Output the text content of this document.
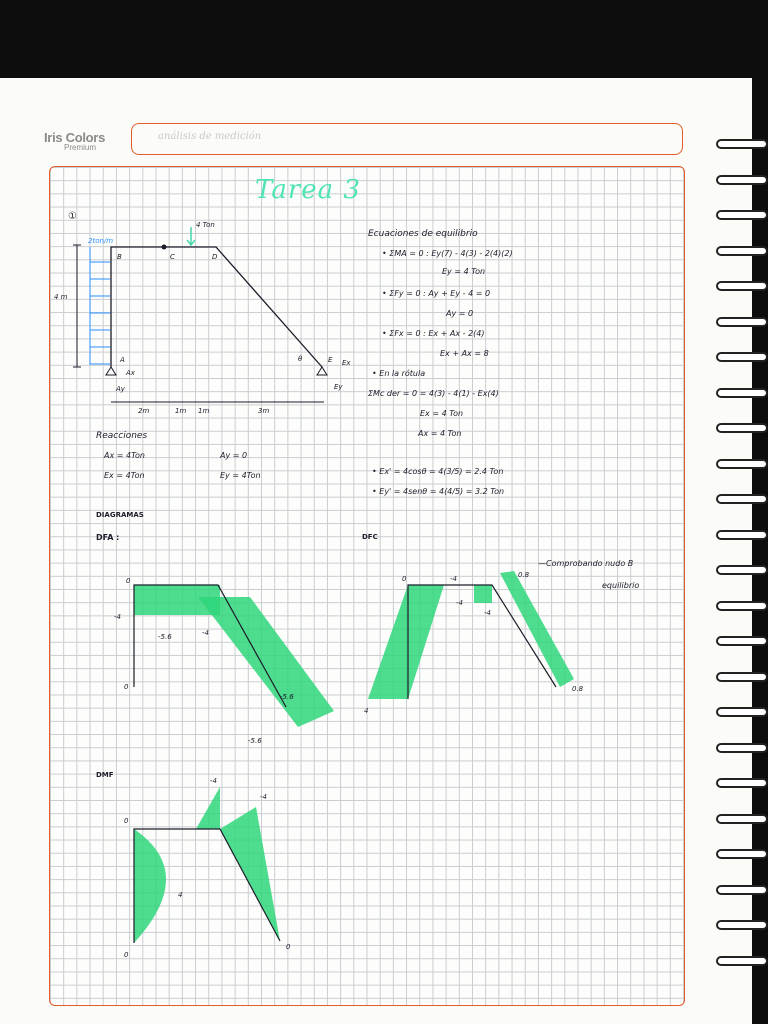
Iris Colors
Premium
análisis de medición
Tarea 3
①
4 m
2ton/m
4 Ton
B	C	D
A	E
θ
Ax
Ay
Ex
Ey
2m	1m 1m	3m
Ecuaciones de equilibrio
• ΣMA = 0 : Ey(7) - 4(3) - 2(4)(2)
Ey = 4 Ton
• ΣFy = 0 : Ay + Ey - 4 = 0
Ay = 0
• ΣFx = 0 : Ex + Ax - 2(4)
Ex + Ax = 8
• En la rótula
ΣMc der = 0 = 4(3) - 4(1) - Ex(4)
Ex = 4 Ton
Ax = 4 Ton
• Ex' = 4cosθ = 4(3/5) = 2.4 Ton
• Ey' = 4senθ = 4(4/5) = 3.2 Ton
Reacciones
Ax = 4Ton	Ay = 0
Ex = 4Ton	Ey = 4Ton
DIAGRAMAS
DFA :	DFC
DMF
0
-4
-5.6	-4
0
-5.6
-5.6
0	-4
-4
-4
0.8
4
0.8
—Comprobando nudo B
equilibrio
0
-4
-4
4
0
0
